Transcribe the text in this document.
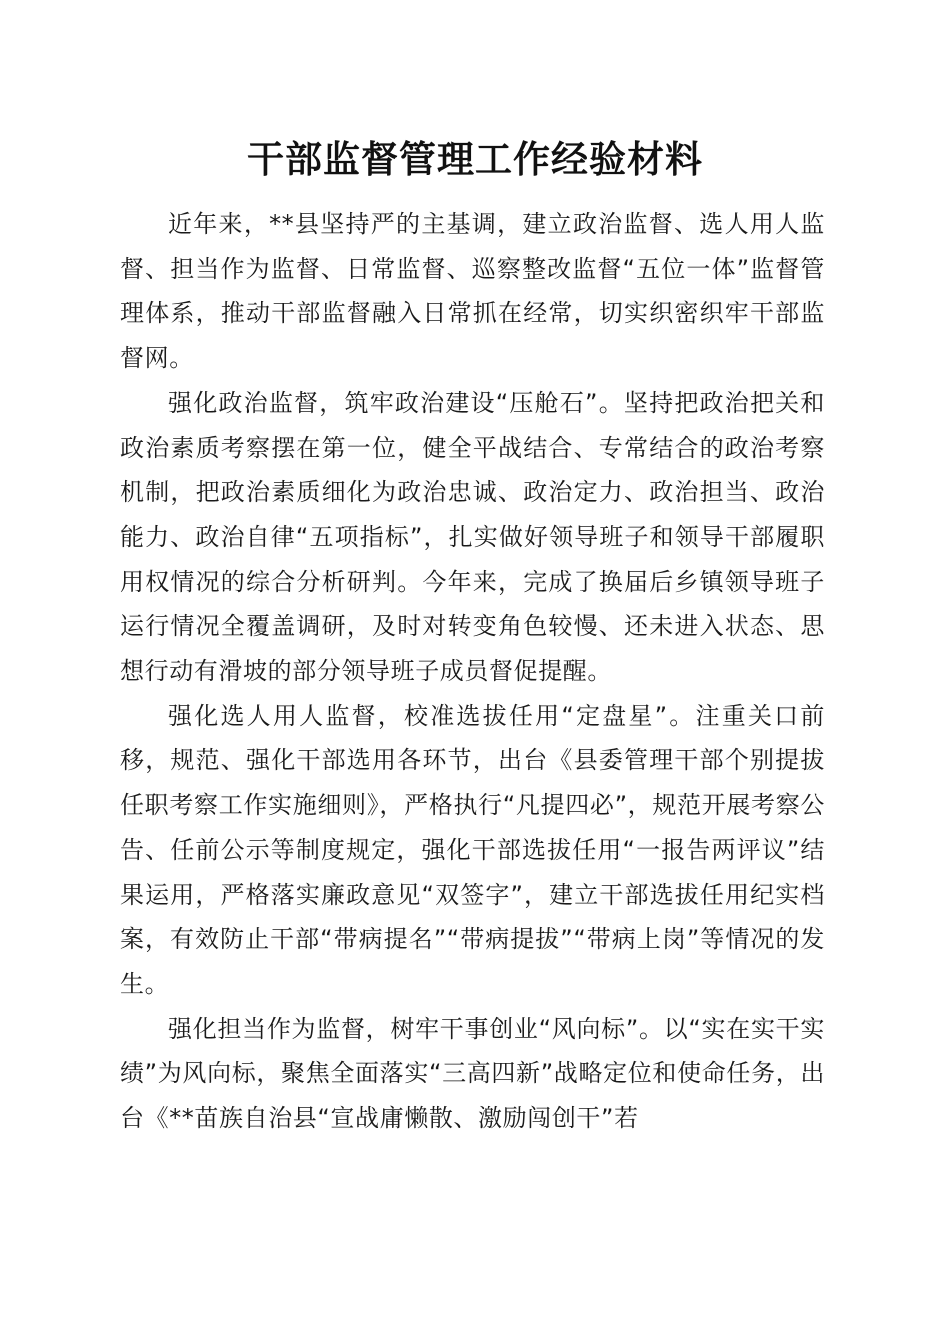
干部监督管理工作经验材料

近年来，**县坚持严的主基调，建立政治监督、选人用人监督、担当作为监督、日常监督、巡察整改监督“五位一体”监督管理体系，推动干部监督融入日常抓在经常，切实织密织牢干部监督网。

强化政治监督，筑牢政治建设“压舱石”。坚持把政治把关和政治素质考察摆在第一位，健全平战结合、专常结合的政治考察机制，把政治素质细化为政治忠诚、政治定力、政治担当、政治能力、政治自律“五项指标”，扎实做好领导班子和领导干部履职用权情况的综合分析研判。今年来，完成了换届后乡镇领导班子运行情况全覆盖调研，及时对转变角色较慢、还未进入状态、思想行动有滑坡的部分领导班子成员督促提醒。

强化选人用人监督，校准选拔任用“定盘星”。注重关口前移，规范、强化干部选用各环节，出台《县委管理干部个别提拔任职考察工作实施细则》，严格执行“凡提四必”，规范开展考察公告、任前公示等制度规定，强化干部选拔任用“一报告两评议”结果运用，严格落实廉政意见“双签字”，建立干部选拔任用纪实档案，有效防止干部“带病提名”“带病提拔”“带病上岗”等情况的发生。

强化担当作为监督，树牢干事创业“风向标”。以“实在实干实绩”为风向标，聚焦全面落实“三高四新”战略定位和使命任务，出台《**苗族自治县“宣战庸懒散、激励闯创干”若
